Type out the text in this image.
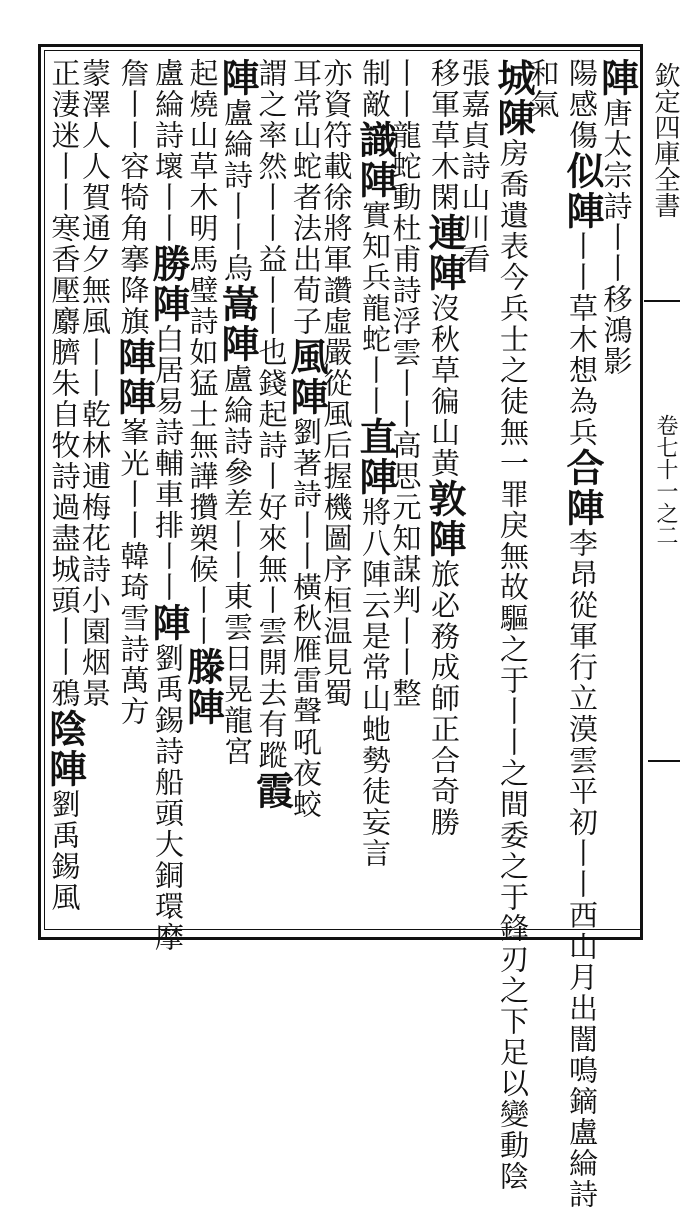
欽定四庫全書
卷七十一之二
陣唐太宗詩丨丨移鴻影
陽感傷似陣丨丨草木想為兵合陣李昂從軍行立漠雲平初丨丨西山月出闇鳴鏑盧綸詩
和氣
城陳房喬遺表今兵士之徒無一罪戾無故驅之于丨丨之間委之于鋒刃之下足以變動陰
張嘉貞詩山川看
移軍草木閑連陣沒秋草徧山黄敦陣旅必務成師正合奇勝
丨丨龍蛇動杜甫詩浮雲丨丨高思元知謀判丨丨整
制敵識陣實知兵龍蛇丨丨直陣將八陣云是常山虵勢徒妄言
亦資符載徐將軍讚虛嚴從風后握機圖序桓温見蜀
耳常山蛇者法出荀子風陣劉著詩丨丨橫秋雁雷聲吼夜蛟
謂之率然丨丨益丨丨也錢起詩丨好來無丨雲開去有蹤霞
陣盧綸詩丨丨烏嵩陣盧綸詩參差丨丨東雲日晃龍宮
起燒山草木明馬璧詩如猛士無譁攢槊候丨丨滕陣
盧綸詩壞丨丨勝陣白居易詩輔車排丨丨陣劉禹錫詩船頭大銅環摩
詹丨丨容犄角搴降旗陣陣峯光丨丨韓琦雪詩萬方
蒙澤人人賀通夕無風丨丨乾林逋梅花詩小園烟景
正淒迷丨丨寒香壓麝臍朱自牧詩過盡城頭丨丨鴉陰陣劉禹錫風
